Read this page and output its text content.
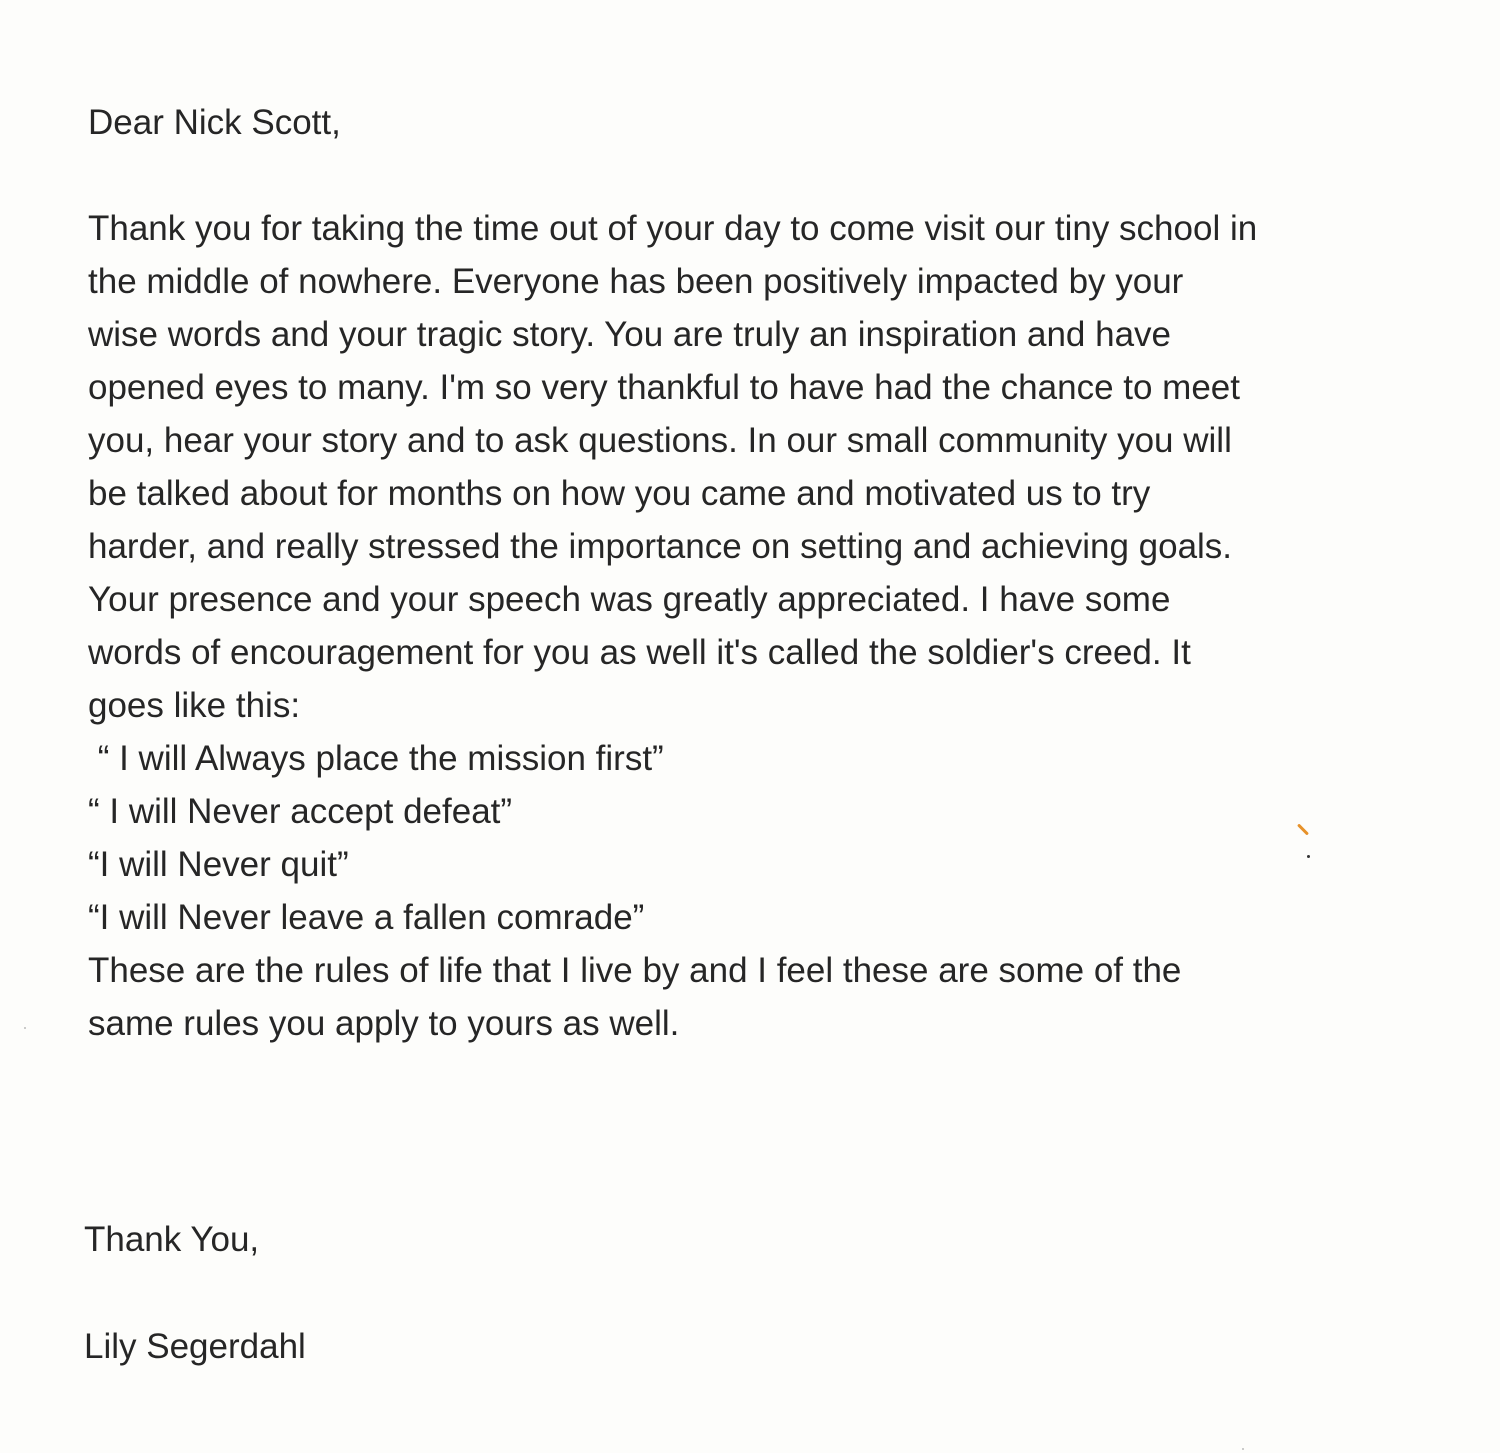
Dear Nick Scott,
Thank you for taking the time out of your day to come visit our tiny school in
the middle of nowhere. Everyone has been positively impacted by your
wise words and your tragic story. You are truly an inspiration and have
opened eyes to many. I'm so very thankful to have had the chance to meet
you, hear your story and to ask questions. In our small community you will
be talked about for months on how you came and motivated us to try
harder, and really stressed the importance on setting and achieving goals.
Your presence and your speech was greatly appreciated. I have some
words of encouragement for you as well it's called the soldier's creed. It
goes like this:
“ I will Always place the mission first”
“ I will Never accept defeat”
“I will Never quit”
“I will Never leave a fallen comrade”
These are the rules of life that I live by and I feel these are some of the
same rules you apply to yours as well.
Thank You,
Lily Segerdahl
